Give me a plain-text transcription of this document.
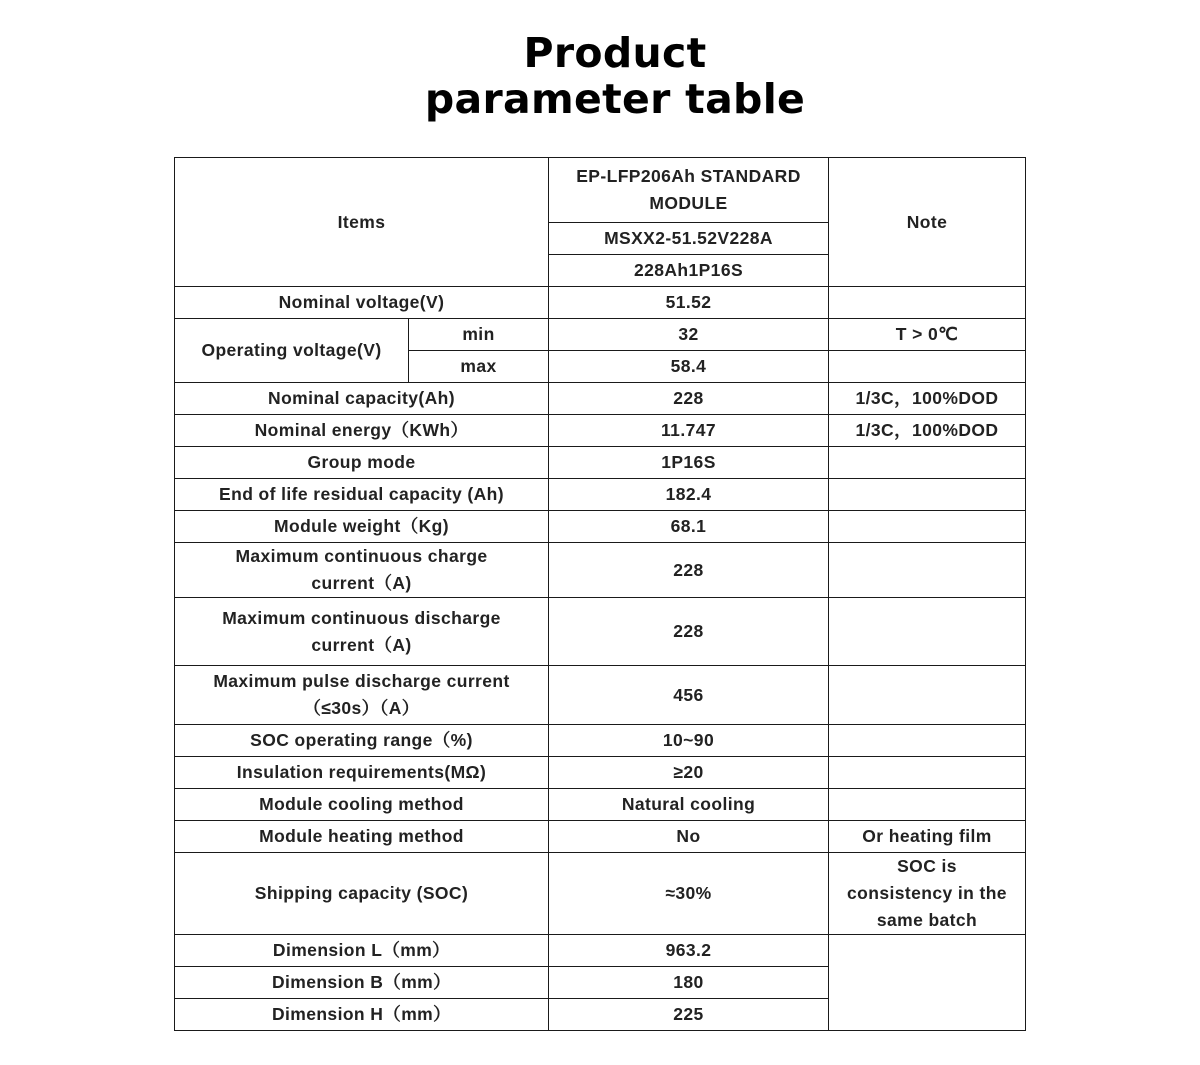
Product
parameter table
Items		EP-LFP206Ah STANDARD
MODULE	Note
		MSXX2-51.52V228A	
		228Ah1P16S	
Nominal voltage(V)		51.52	
Operating voltage(V)	min	32	T > 0℃
	max	58.4	
Nominal capacity(Ah)		228	1/3C，100%DOD
Nominal energy（KWh）		11.747	1/3C，100%DOD
Group mode		1P16S	
End of life residual capacity (Ah)		182.4	
Module weight（Kg)		68.1	
Maximum continuous charge
current（A)		228	
Maximum continuous discharge
current（A)		228	
Maximum pulse discharge current
（≤30s）（A）		456	
SOC operating range（%)		10~90	
Insulation requirements(MΩ)		≥20	
Module cooling method		Natural cooling	
Module heating method		No	Or heating film
Shipping capacity (SOC)		≈30%	SOC is
consistency in the
same batch
Dimension L（mm）		963.2	
Dimension B（mm）		180	
Dimension H（mm）		225	
